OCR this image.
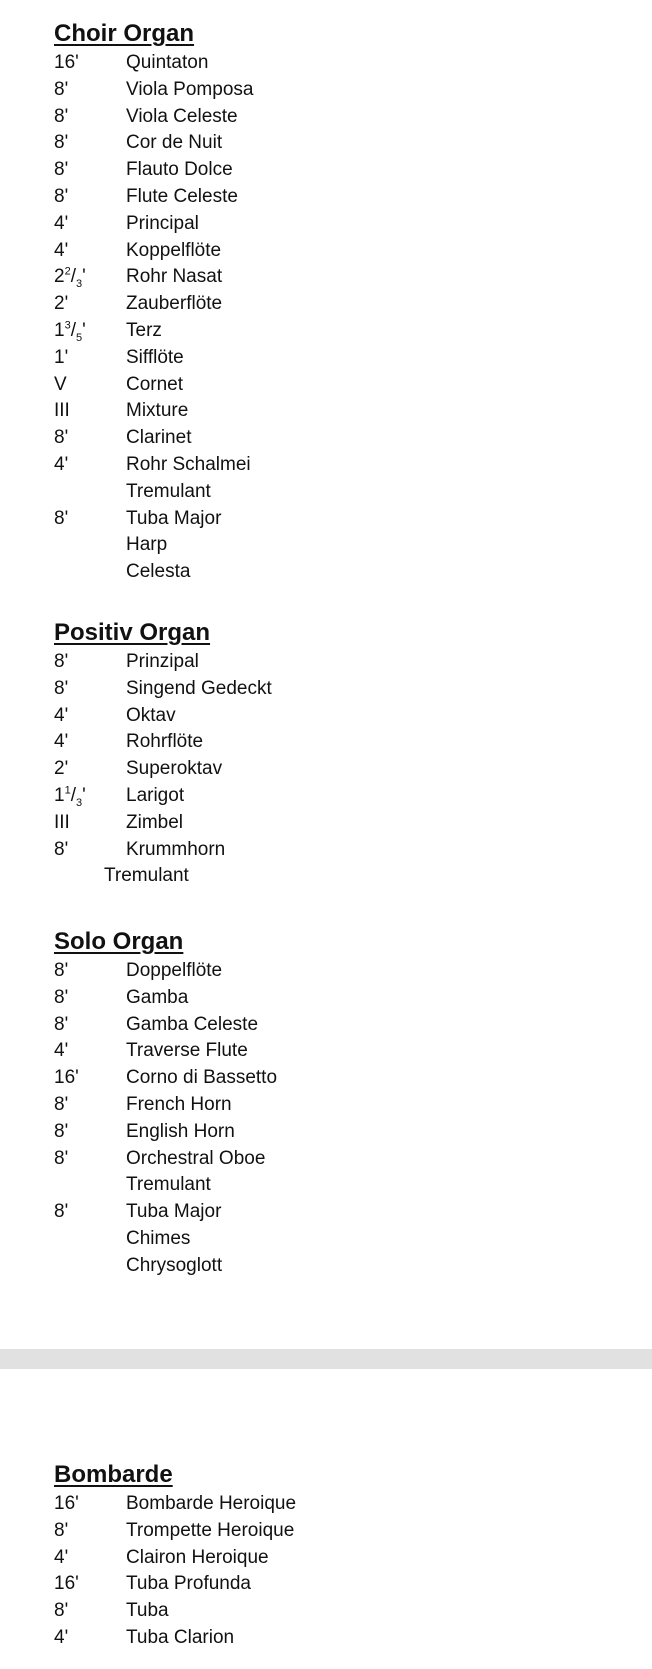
Choir Organ
16'	Quintaton
8'	Viola Pomposa
8'	Viola Celeste
8'	Cor de Nuit
8'	Flauto Dolce
8'	Flute Celeste
4'	Principal
4'	Koppelflöte
$2^2/_3'$	Rohr Nasat
2'	Zauberflöte
$1^3/_5'$	Terz
1'	Sifflöte
V	Cornet
III	Mixture
8'	Clarinet
4'	Rohr Schalmei
Tremulant
8'	Tuba Major
Harp
Celesta
Positiv Organ
8'	Prinzipal
8'	Singend Gedeckt
4'	Oktav
4'	Rohrflöte
2'	Superoktav
$1^1/_3'$	Larigot
III	Zimbel
8'	Krummhorn
Tremulant
Solo Organ
8'	Doppelflöte
8'	Gamba
8'	Gamba Celeste
4'	Traverse Flute
16'	Corno di Bassetto
8'	French Horn
8'	English Horn
8'	Orchestral Oboe
Tremulant
8'	Tuba Major
Chimes
Chrysoglott
Bombarde
16'	Bombarde Heroique
8'	Trompette Heroique
4'	Clairon Heroique
16'	Tuba Profunda
8'	Tuba
4'	Tuba Clarion
